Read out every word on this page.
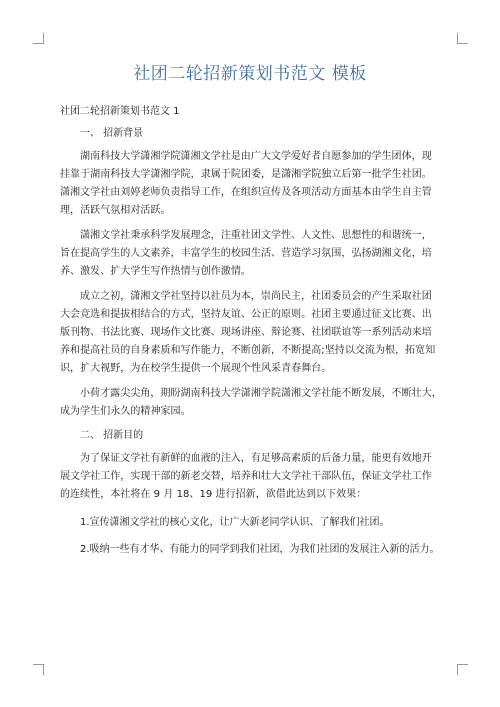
社团二轮招新策划书范文 模板

社团二轮招新策划书范文 1

一、 招新背景

湖南科技大学潇湘学院潇湘文学社是由广大文学爱好者自愿参加的学生团体，现
挂靠于湖南科技大学潇湘学院，隶属于院团委，是潇湘学院独立后第一批学生社团。
潇湘文学社由刘婷老师负责指导工作，在组织宣传及各项活动方面基本由学生自主管
理，活跃气氛相对活跃。
潇湘文学社秉承科学发展理念，注重社团文学性、人文性、思想性的和谐统一，
旨在提高学生的人文素养，丰富学生的校园生活、营造学习氛围，弘扬湖湘文化，培
养、激发、扩大学生写作热情与创作激情。
成立之初，潇湘文学社坚持以社员为本，崇尚民主，社团委员会的产生采取社团
大会竞选和提拔相结合的方式，坚持友谊、公正的原则。社团主要通过征文比赛、出
版刊物、书法比赛、现场作文比赛、现场讲座、辩论赛、社团联谊等一系列活动来培
养和提高社员的自身素质和写作能力，不断创新，不断提高;坚持以交流为根，拓宽知
识，扩大视野，为在校学生提供一个展现个性风采青春舞台。
小荷才露尖尖角，期盼湖南科技大学潇湘学院潇湘文学社能不断发展，不断壮大，
成为学生们永久的精神家园。

二、 招新目的

为了保证文学社有新鲜的血液的注入，有足够高素质的后备力量，能更有效地开
展文学社工作，实现干部的新老交替，培养和壮大文学社干部队伍，保证文学社工作
的连续性，本社将在 9 月 18、19 进行招新，欲借此达到以下效果：

1.宣传潇湘文学社的核心文化，让广大新老同学认识、了解我们社团。

2.吸纳一些有才华、有能力的同学到我们社团，为我们社团的发展注入新的活力。
